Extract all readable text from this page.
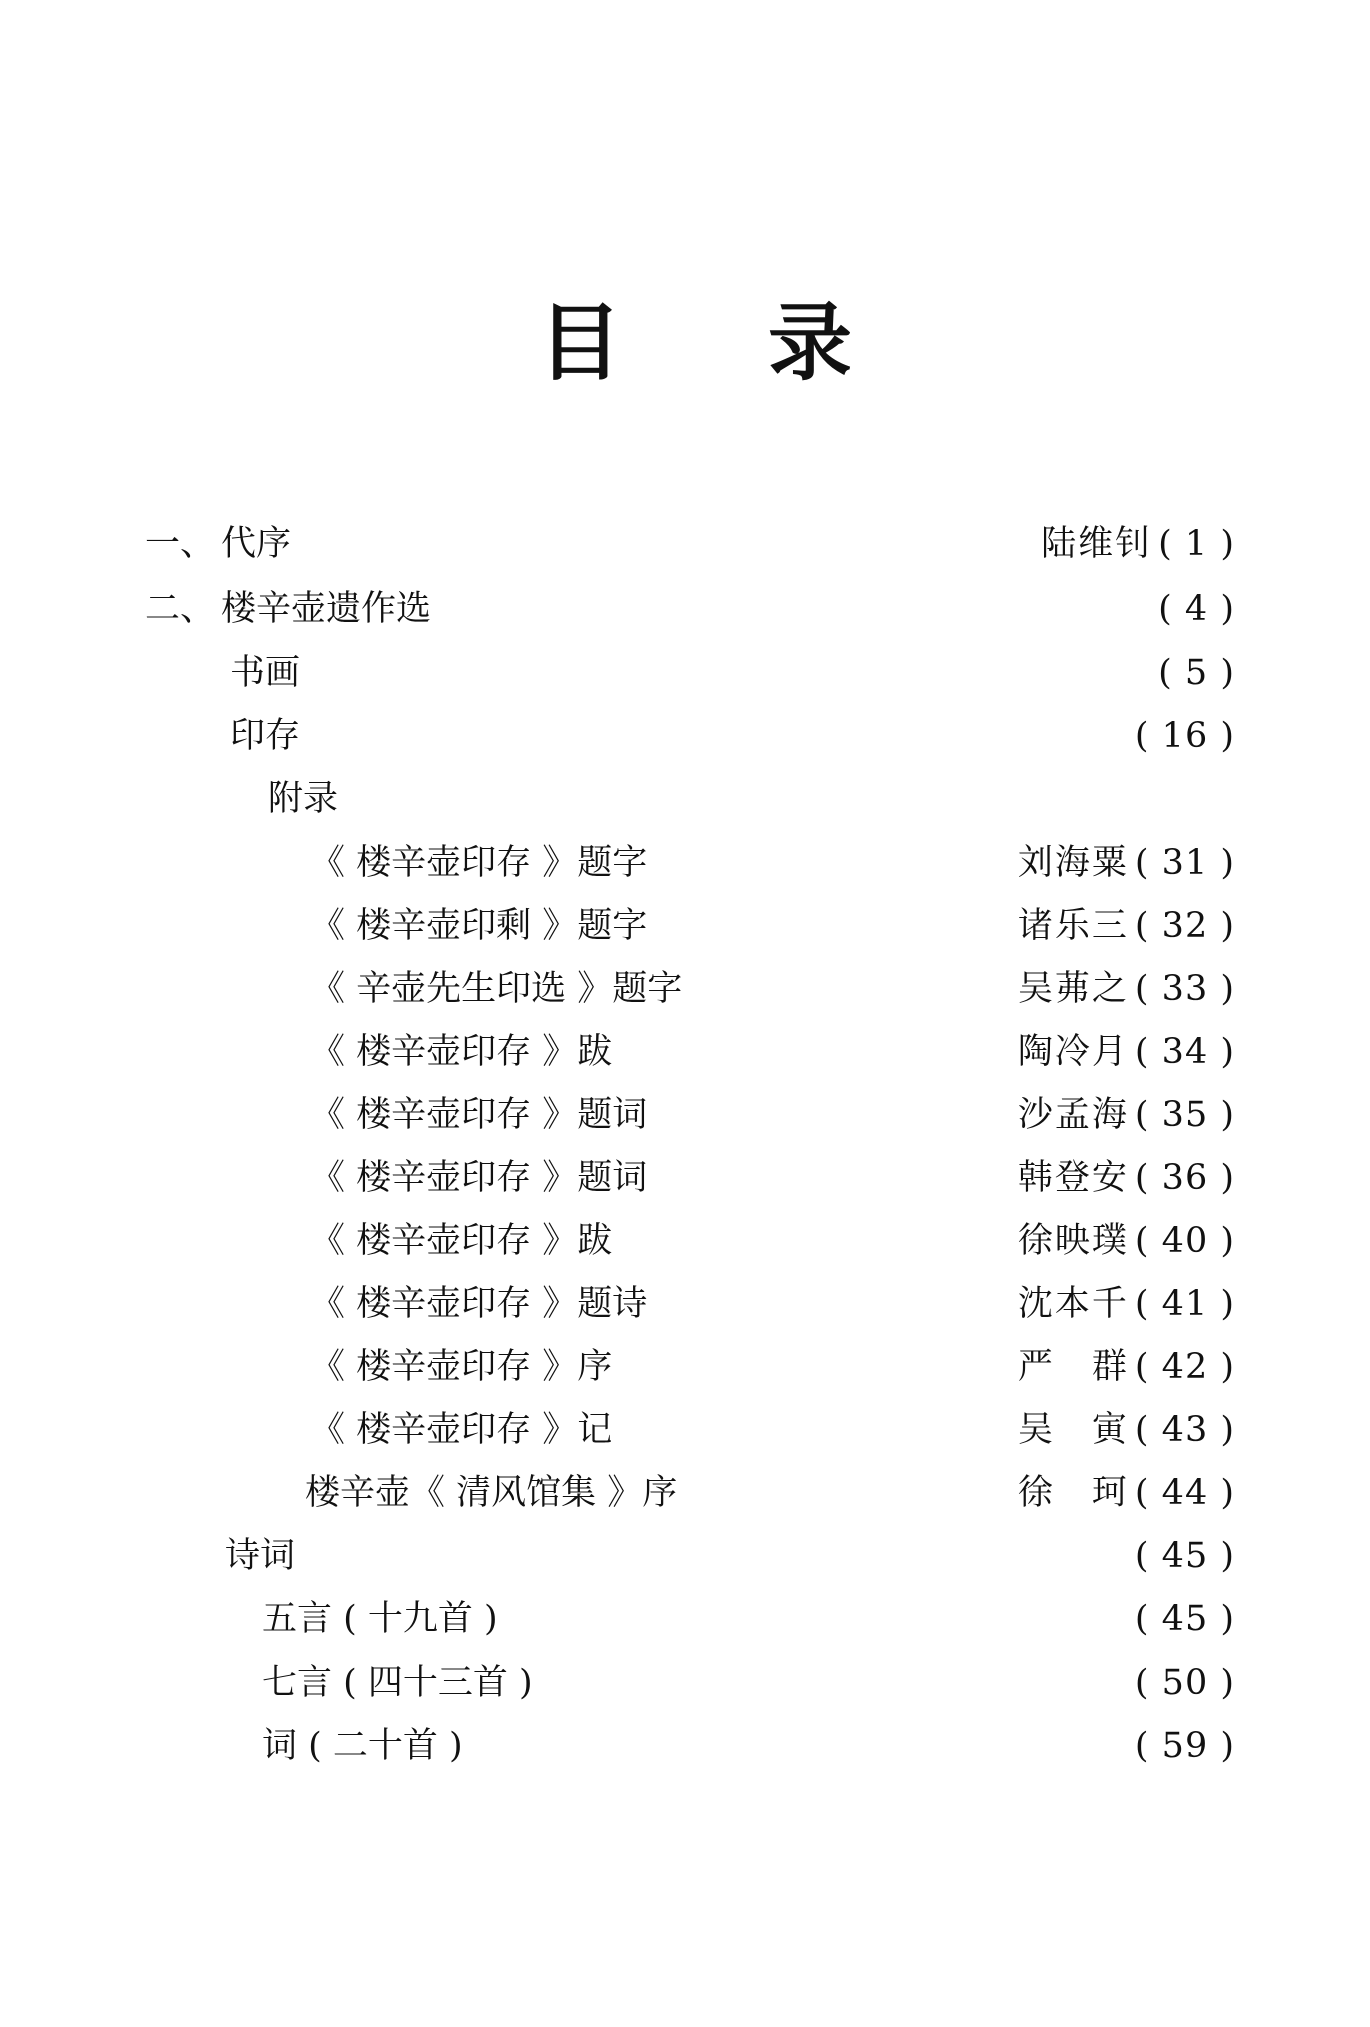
目 录
一、 代序	陆维钊 ( 1 )
二、 楼辛壶遗作选	( 4 )
书画	( 5 )
印存	( 16 )
附录
《 楼辛壶印存 》题字	刘海粟 ( 31 )
《 楼辛壶印剩 》题字	诸乐三 ( 32 )
《 辛壶先生印选 》题字	吴茀之 ( 33 )
《 楼辛壶印存 》跋	陶冷月 ( 34 )
《 楼辛壶印存 》题词	沙孟海 ( 35 )
《 楼辛壶印存 》题词	韩登安 ( 36 )
《 楼辛壶印存 》跋	徐映璞 ( 40 )
《 楼辛壶印存 》题诗	沈本千 ( 41 )
《 楼辛壶印存 》序	严　群 ( 42 )
《 楼辛壶印存 》记	吴　寅 ( 43 )
楼辛壶《 清风馆集 》序	徐　珂 ( 44 )
诗词	( 45 )
五言 ( 十九首 )	( 45 )
七言 ( 四十三首 )	( 50 )
词 ( 二十首 )	( 59 )
